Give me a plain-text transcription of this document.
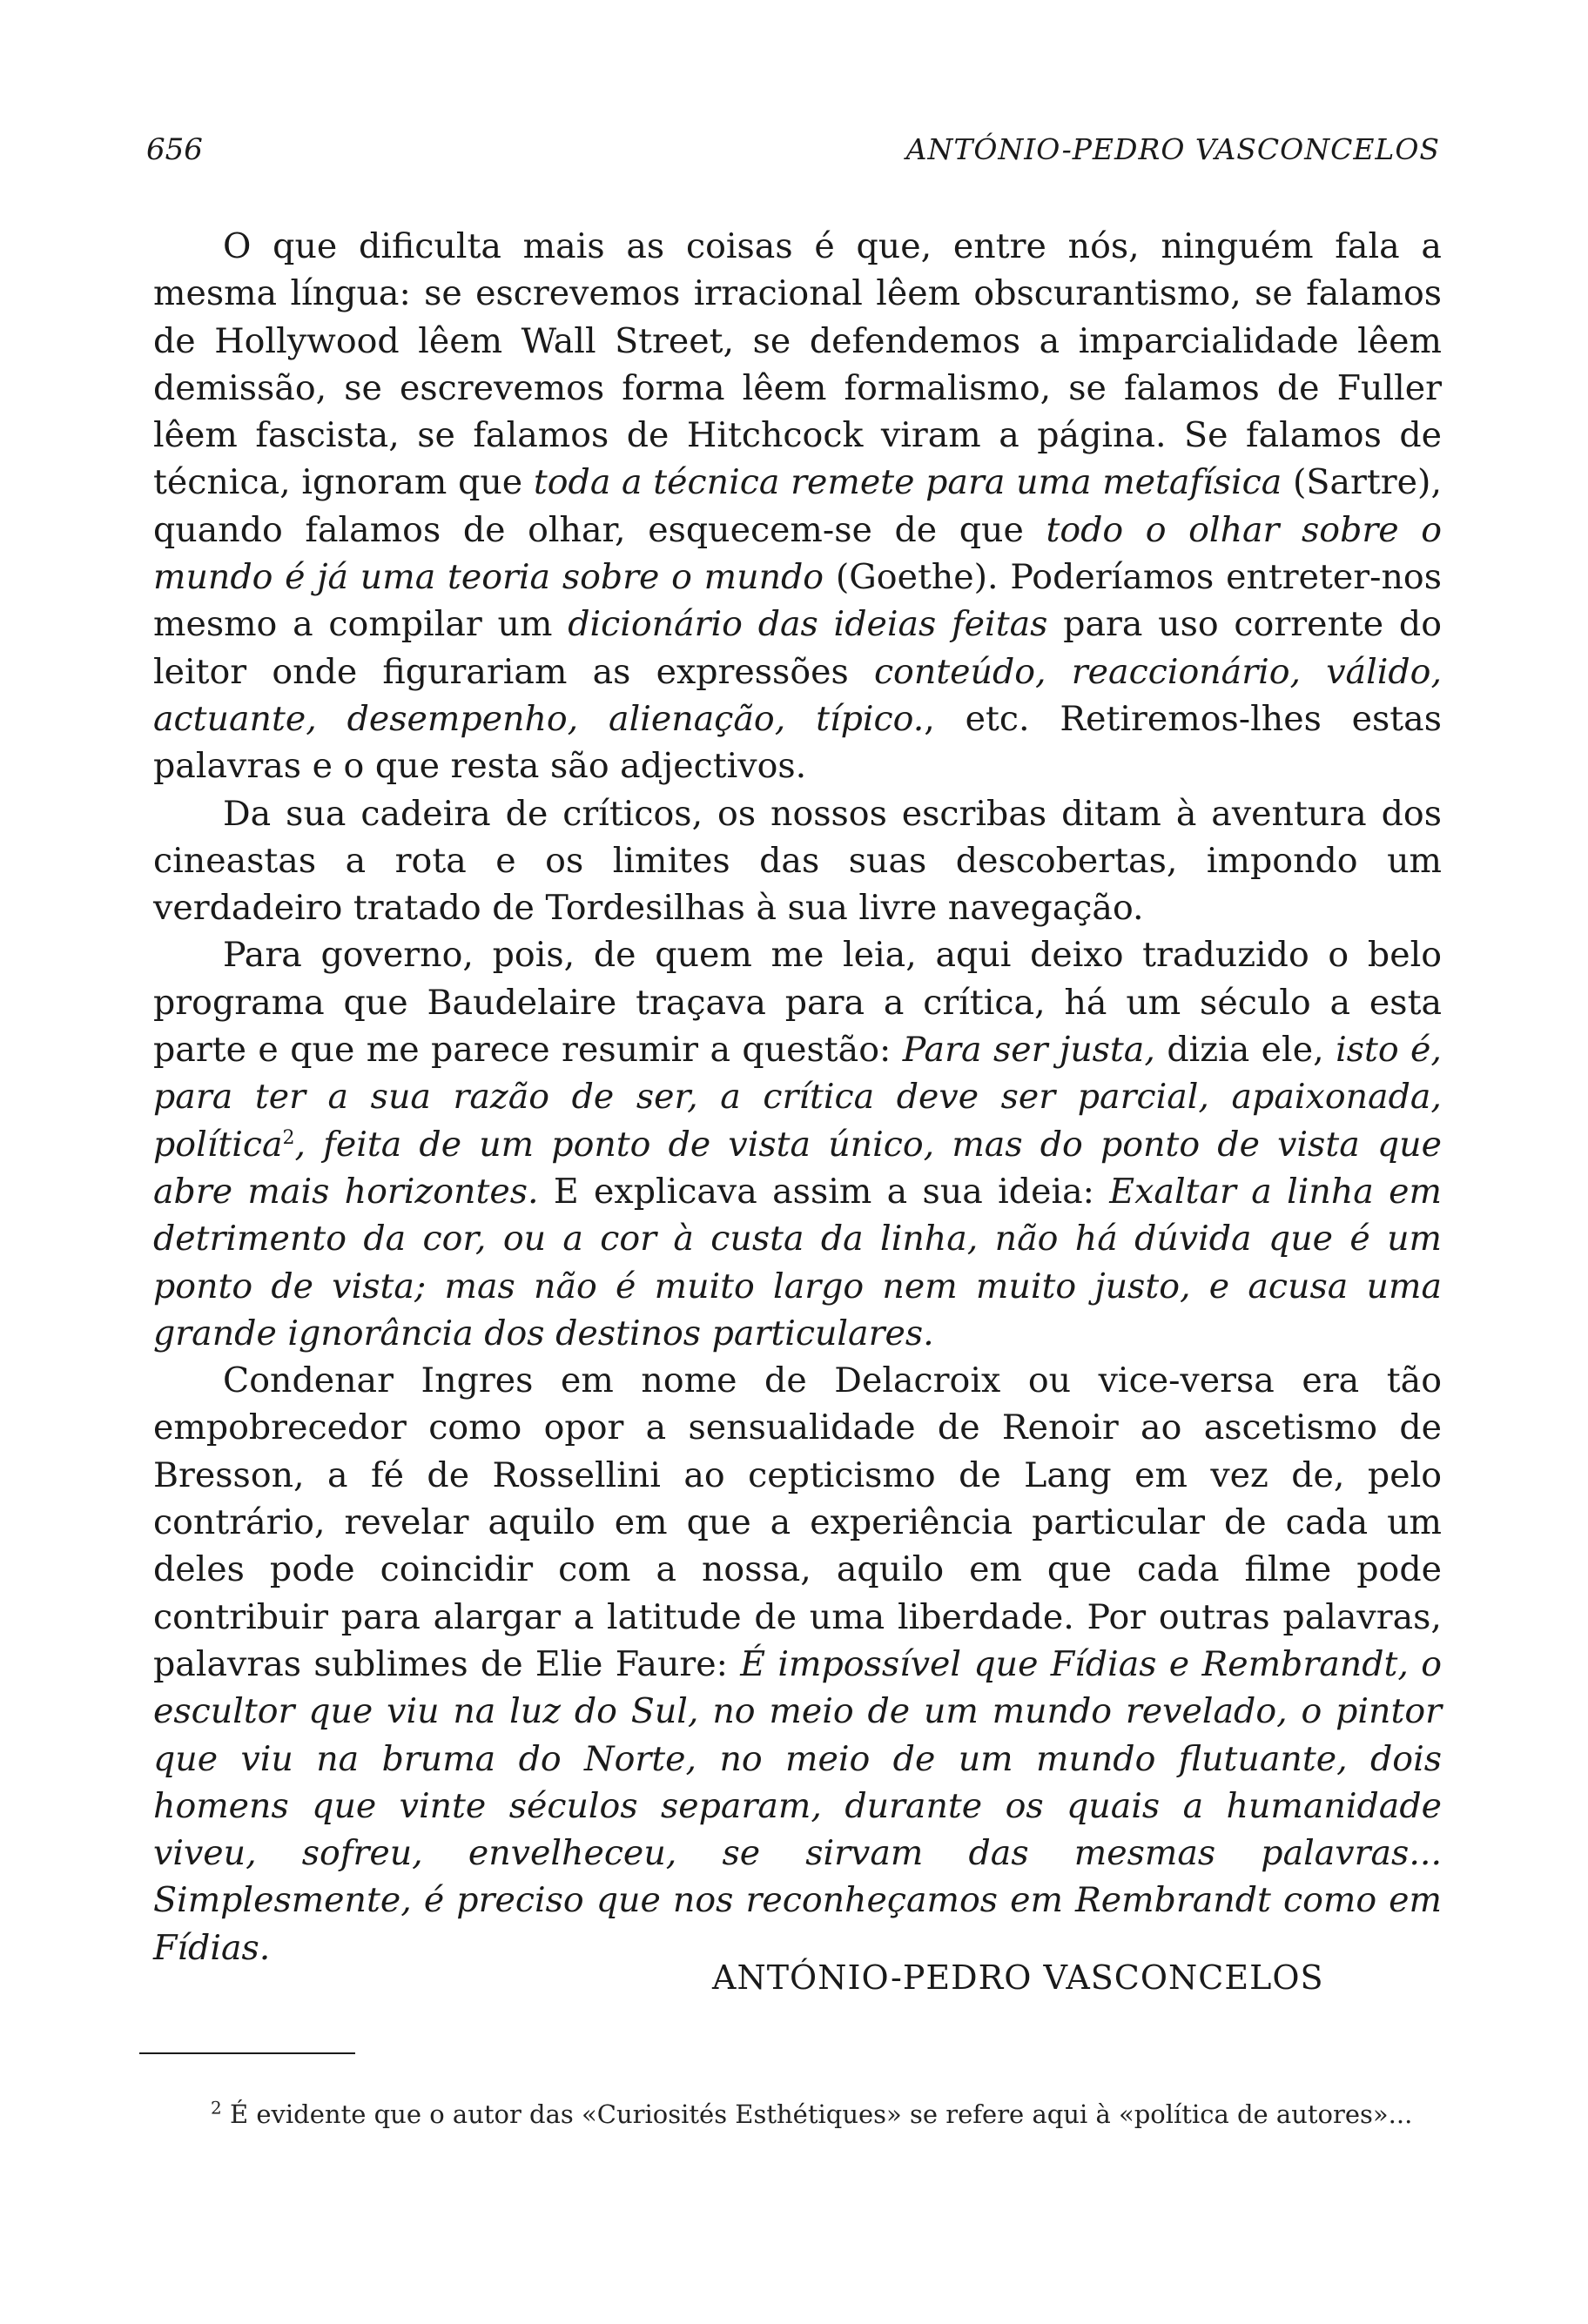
656	ANTÓNIO-PEDRO VASCONCELOS

O que dificulta mais as coisas é que, entre nós, ninguém fala a mesma língua: se escrevemos irracional lêem obscurantismo, se falamos de Hollywood lêem Wall Street, se defendemos a imparcialidade lêem demissão, se escrevemos forma lêem formalismo, se falamos de Fuller lêem fascista, se falamos de Hitchcock viram a página. Se falamos de técnica, ignoram que toda a técnica remete para uma metafísica (Sartre), quando falamos de olhar, esquecem-se de que todo o olhar sobre o mundo é já uma teoria sobre o mundo (Goethe). Poderíamos entreter-nos mesmo a compilar um dicionário das ideias feitas para uso corrente do leitor onde figurariam as expressões conteúdo, reaccionário, válido, actuante, desempenho, alienação, típico., etc. Retiremos-lhes estas palavras e o que resta são adjectivos.

Da sua cadeira de críticos, os nossos escribas ditam à aventura dos cineastas a rota e os limites das suas descobertas, impondo um verdadeiro tratado de Tordesilhas à sua livre navegação.

Para governo, pois, de quem me leia, aqui deixo traduzido o belo programa que Baudelaire traçava para a crítica, há um século a esta parte e que me parece resumir a questão: Para ser justa, dizia ele, isto é, para ter a sua razão de ser, a crítica deve ser parcial, apaixonada, política$^2$, feita de um ponto de vista único, mas do ponto de vista que abre mais horizontes. E explicava assim a sua ideia: Exaltar a linha em detrimento da cor, ou a cor à custa da linha, não há dúvida que é um ponto de vista; mas não é muito largo nem muito justo, e acusa uma grande ignorância dos destinos particulares.

Condenar Ingres em nome de Delacroix ou vice-versa era tão empobrecedor como opor a sensualidade de Renoir ao ascetismo de Bresson, a fé de Rossellini ao cepticismo de Lang em vez de, pelo contrário, revelar aquilo em que a experiência particular de cada um deles pode coincidir com a nossa, aquilo em que cada filme pode contribuir para alargar a latitude de uma liberdade. Por outras palavras, palavras sublimes de Elie Faure: É impossível que Fídias e Rembrandt, o escultor que viu na luz do Sul, no meio de um mundo revelado, o pintor que viu na bruma do Norte, no meio de um mundo flutuante, dois homens que vinte séculos separam, durante os quais a humanidade viveu, sofreu, envelheceu, se sirvam das mesmas palavras... Simplesmente, é preciso que nos reconheçamos em Rembrandt como em Fídias.

ANTÓNIO-PEDRO VASCONCELOS

$^2$ É evidente que o autor das «Curiosités Esthétiques» se refere aqui à «política de autores»...
